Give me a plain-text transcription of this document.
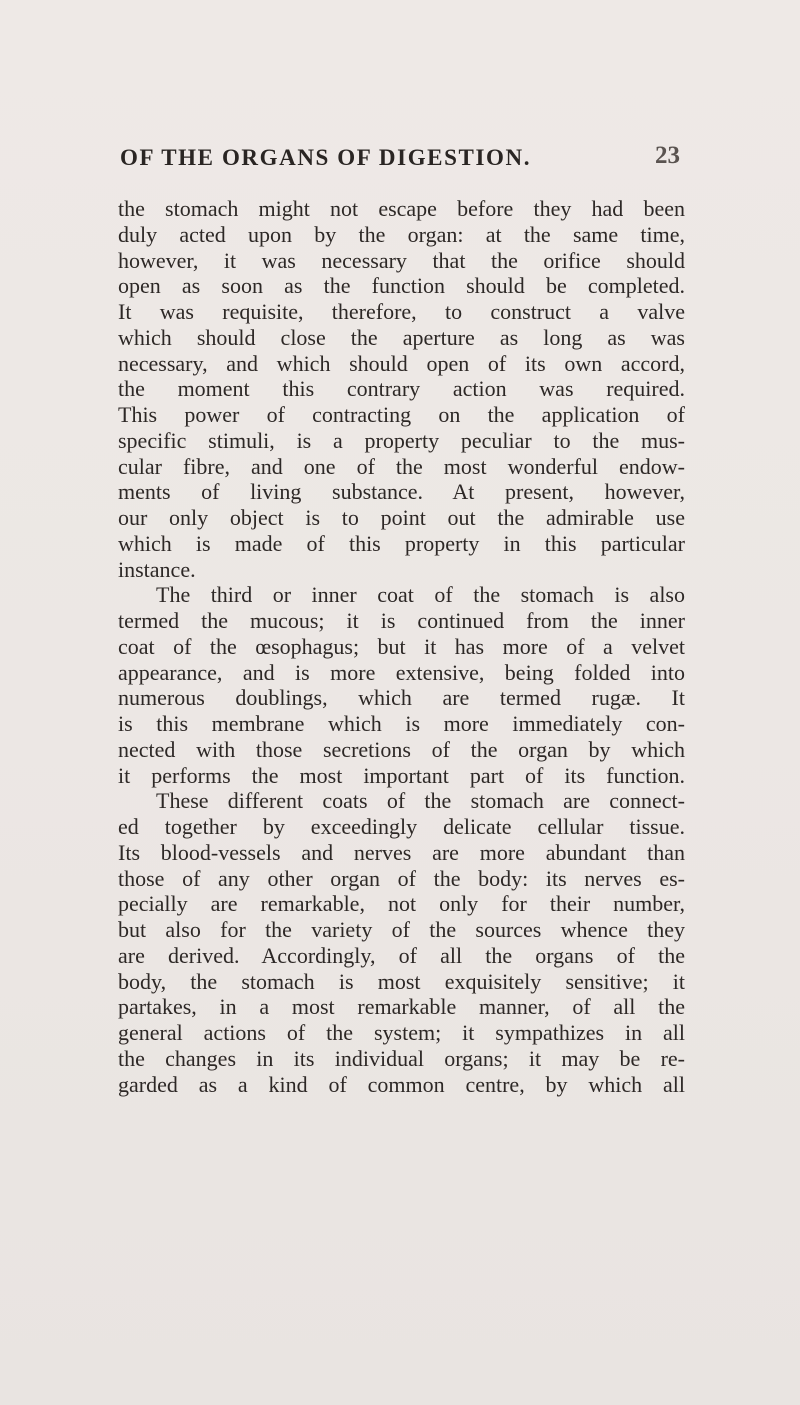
OF THE ORGANS OF DIGESTION.	23
the stomach might not escape before they had been
duly acted upon by the organ: at the same time,
however, it was necessary that the orifice should
open as soon as the function should be completed.
It was requisite, therefore, to construct a valve
which should close the aperture as long as was
necessary, and which should open of its own accord,
the moment this contrary action was required.
This power of contracting on the application of
specific stimuli, is a property peculiar to the mus-
cular fibre, and one of the most wonderful endow-
ments of living substance. At present, however,
our only object is to point out the admirable use
which is made of this property in this particular
instance.
The third or inner coat of the stomach is also
termed the mucous; it is continued from the inner
coat of the œsophagus; but it has more of a velvet
appearance, and is more extensive, being folded into
numerous doublings, which are termed rugæ. It
is this membrane which is more immediately con-
nected with those secretions of the organ by which
it performs the most important part of its function.
These different coats of the stomach are connect-
ed together by exceedingly delicate cellular tissue.
Its blood-vessels and nerves are more abundant than
those of any other organ of the body: its nerves es-
pecially are remarkable, not only for their number,
but also for the variety of the sources whence they
are derived. Accordingly, of all the organs of the
body, the stomach is most exquisitely sensitive; it
partakes, in a most remarkable manner, of all the
general actions of the system; it sympathizes in all
the changes in its individual organs; it may be re-
garded as a kind of common centre, by which all
